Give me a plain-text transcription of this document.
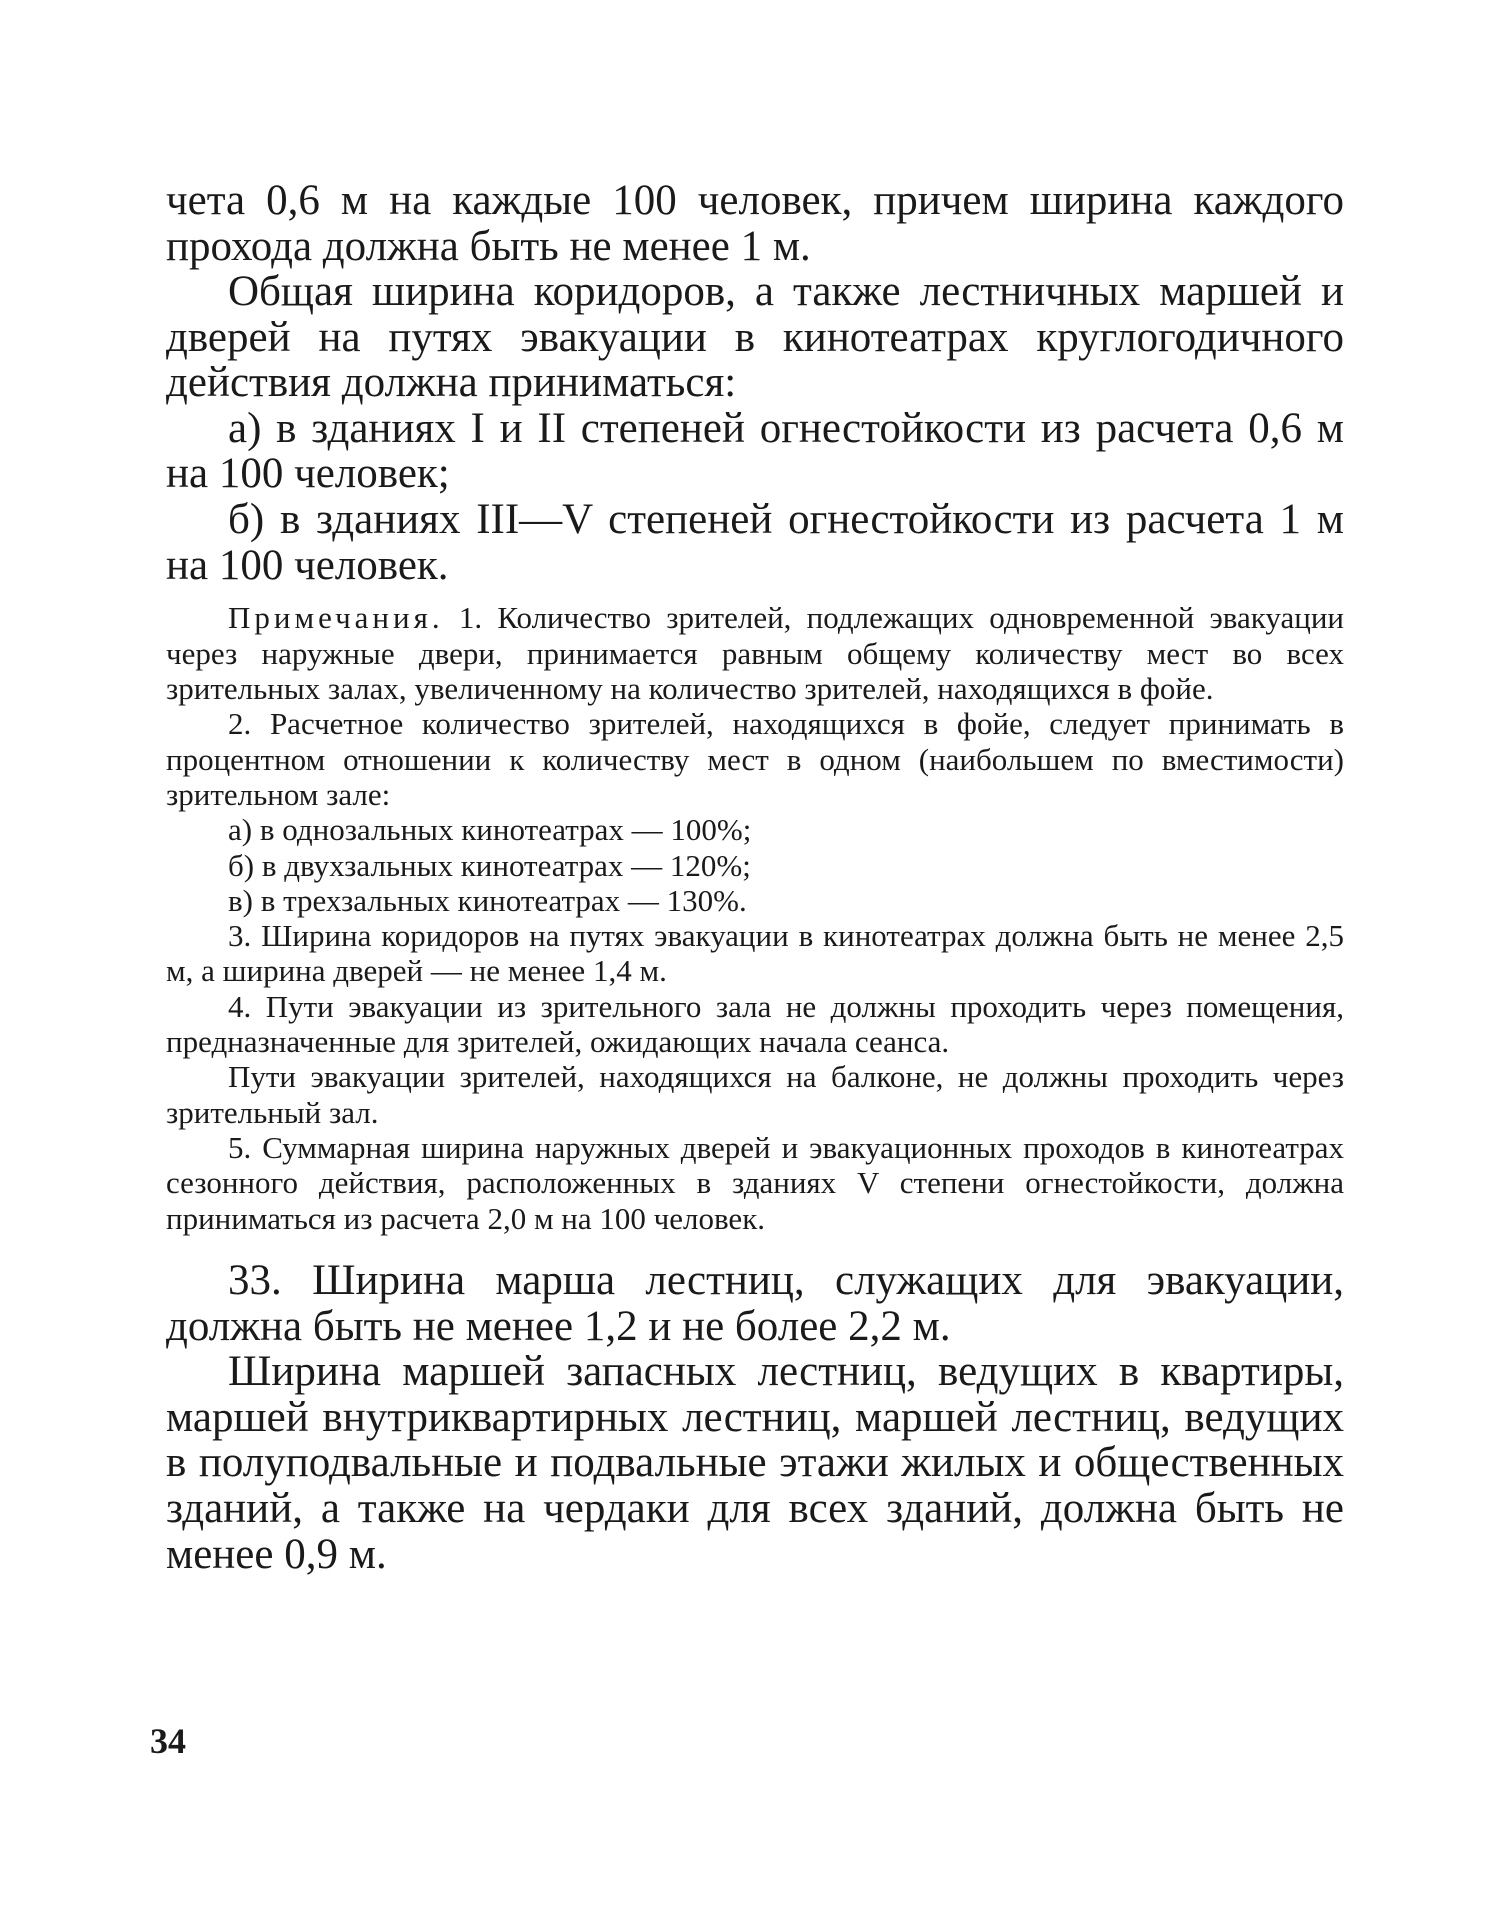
чета 0,6 м на каждые 100 человек, причем ширина каждого прохода должна быть не менее 1 м.

Общая ширина коридоров, а также лестничных маршей и дверей на путях эвакуации в кинотеатрах круглогодичного действия должна приниматься:

а) в зданиях I и II степеней огнестойкости из расчета 0,6 м на 100 человек;

б) в зданиях III—V степеней огнестойкости из расчета 1 м на 100 человек.

Примечания. 1. Количество зрителей, подлежащих одновременной эвакуации через наружные двери, принимается равным общему количеству мест во всех зрительных залах, увеличенному на количество зрителей, находящихся в фойе.

2. Расчетное количество зрителей, находящихся в фойе, следует принимать в процентном отношении к количеству мест в одном (наибольшем по вместимости) зрительном зале:

а) в однозальных кинотеатрах — 100%;

б) в двухзальных кинотеатрах — 120%;

в) в трехзальных кинотеатрах — 130%.

3. Ширина коридоров на путях эвакуации в кинотеатрах должна быть не менее 2,5 м, а ширина дверей — не менее 1,4 м.

4. Пути эвакуации из зрительного зала не должны проходить через помещения, предназначенные для зрителей, ожидающих начала сеанса.

Пути эвакуации зрителей, находящихся на балконе, не должны проходить через зрительный зал.

5. Суммарная ширина наружных дверей и эвакуационных проходов в кинотеатрах сезонного действия, расположенных в зданиях V степени огнестойкости, должна приниматься из расчета 2,0 м на 100 человек.

33. Ширина марша лестниц, служащих для эвакуации, должна быть не менее 1,2 и не более 2,2 м.

Ширина маршей запасных лестниц, ведущих в квартиры, маршей внутриквартирных лестниц, маршей лестниц, ведущих в полуподвальные и подвальные этажи жилых и общественных зданий, а также на чердаки для всех зданий, должна быть не менее 0,9 м.

34
